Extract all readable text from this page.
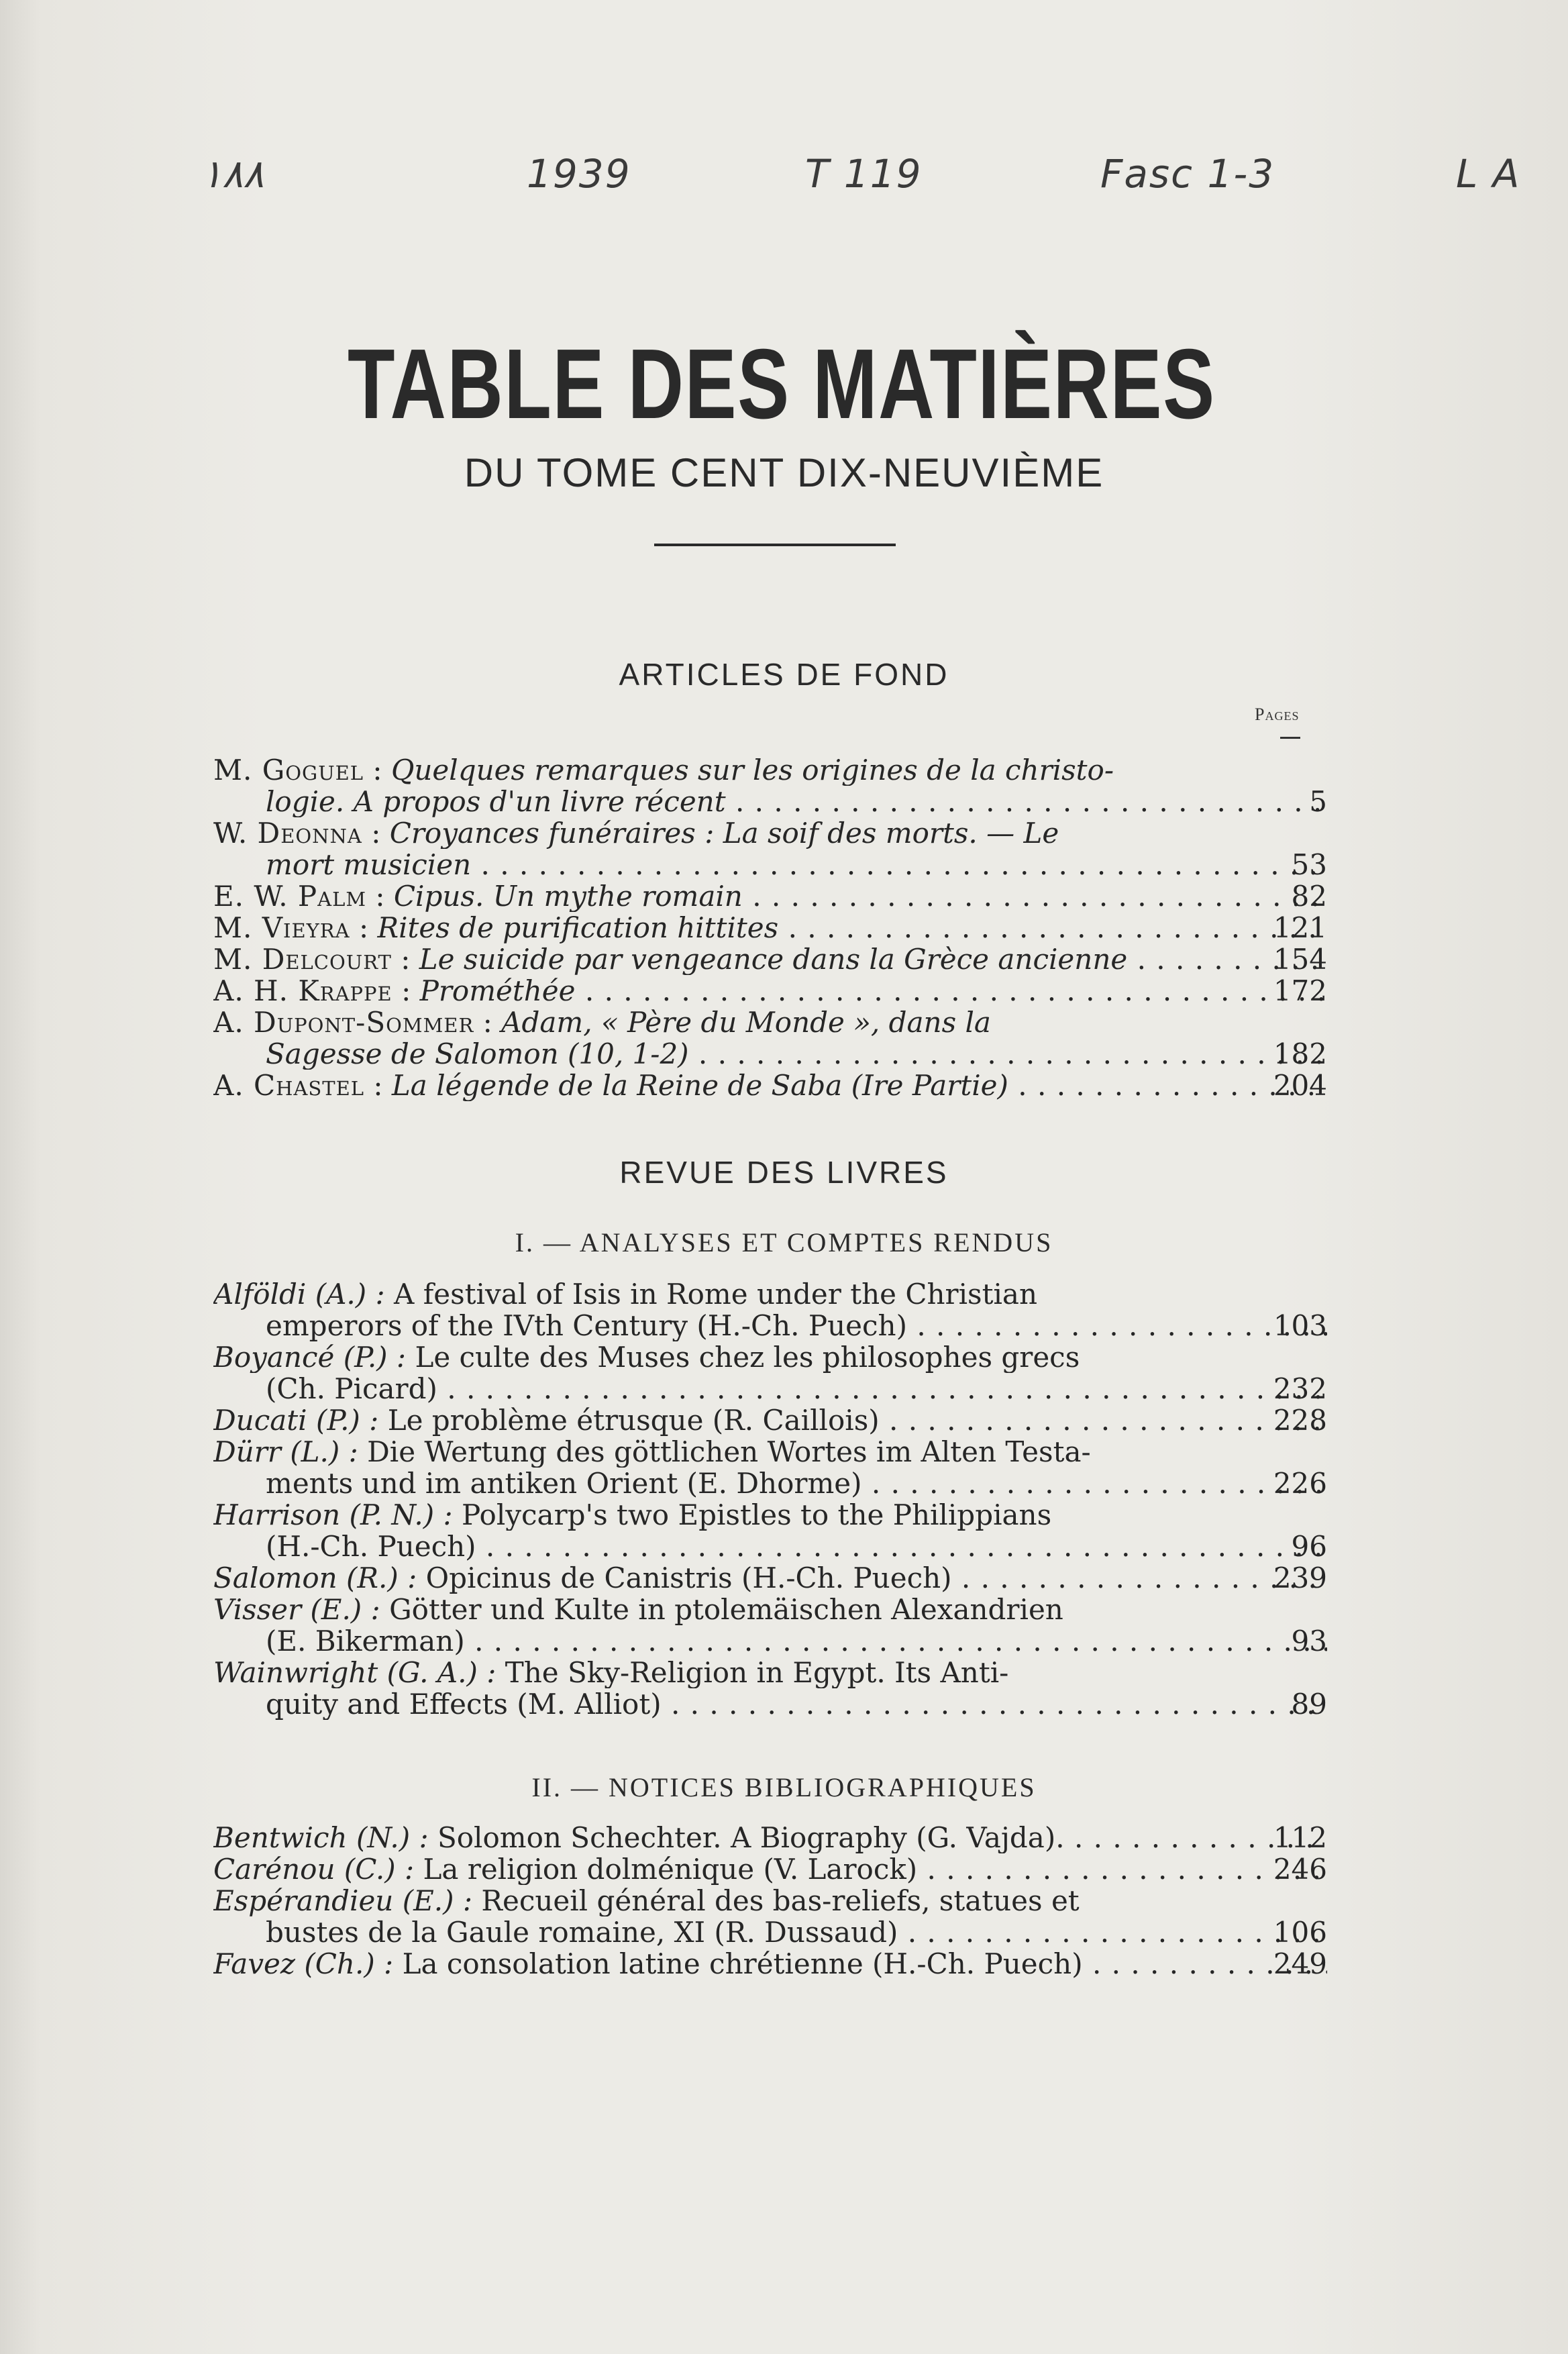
١٨٨	1939	T 119	Fasc 1-3	L A
TABLE DES MATIÈRES
DU TOME CENT DIX-NEUVIÈME
ARTICLES DE FOND
Pages
M. Goguel : Quelques remarques sur les origines de la christo-
logie. A propos d'un livre récent . . .	5
W. Deonna : Croyances funéraires : La soif des morts. — Le
mort musicien . . .	53
E. W. Palm : Cipus. Un mythe romain . . .	82
M. Vieyra : Rites de purification hittites . . .	121
M. Delcourt : Le suicide par vengeance dans la Grèce ancienne . . .	154
A. H. Krappe : Prométhée . . .	172
A. Dupont-Sommer : Adam, « Père du Monde », dans la
Sagesse de Salomon (10, 1-2) . . .	182
A. Chastel : La légende de la Reine de Saba (Ire Partie) . . .	204
REVUE DES LIVRES
I. — ANALYSES ET COMPTES RENDUS
Alföldi (A.) : A festival of Isis in Rome under the Christian
emperors of the IVth Century (H.-Ch. Puech) . . .	103
Boyancé (P.) : Le culte des Muses chez les philosophes grecs
(Ch. Picard) . . .	232
Ducati (P.) : Le problème étrusque (R. Caillois) . . .	228
Dürr (L.) : Die Wertung des göttlichen Wortes im Alten Testa-
ments und im antiken Orient (E. Dhorme) . . .	226
Harrison (P. N.) : Polycarp's two Epistles to the Philippians
(H.-Ch. Puech) . . .	96
Salomon (R.) : Opicinus de Canistris (H.-Ch. Puech) . . .	239
Visser (E.) : Götter und Kulte in ptolemäischen Alexandrien
(E. Bikerman) . . .	93
Wainwright (G. A.) : The Sky-Religion in Egypt. Its Anti-
quity and Effects (M. Alliot) . . .	89
II. — NOTICES BIBLIOGRAPHIQUES
Bentwich (N.) : Solomon Schechter. A Biography (G. Vajda). . . .	112
Carénou (C.) : La religion dolménique (V. Larock) . . .	246
Espérandieu (E.) : Recueil général des bas-reliefs, statues et
bustes de la Gaule romaine, XI (R. Dussaud) . . .	106
Favez (Ch.) : La consolation latine chrétienne (H.-Ch. Puech) . . .	249
